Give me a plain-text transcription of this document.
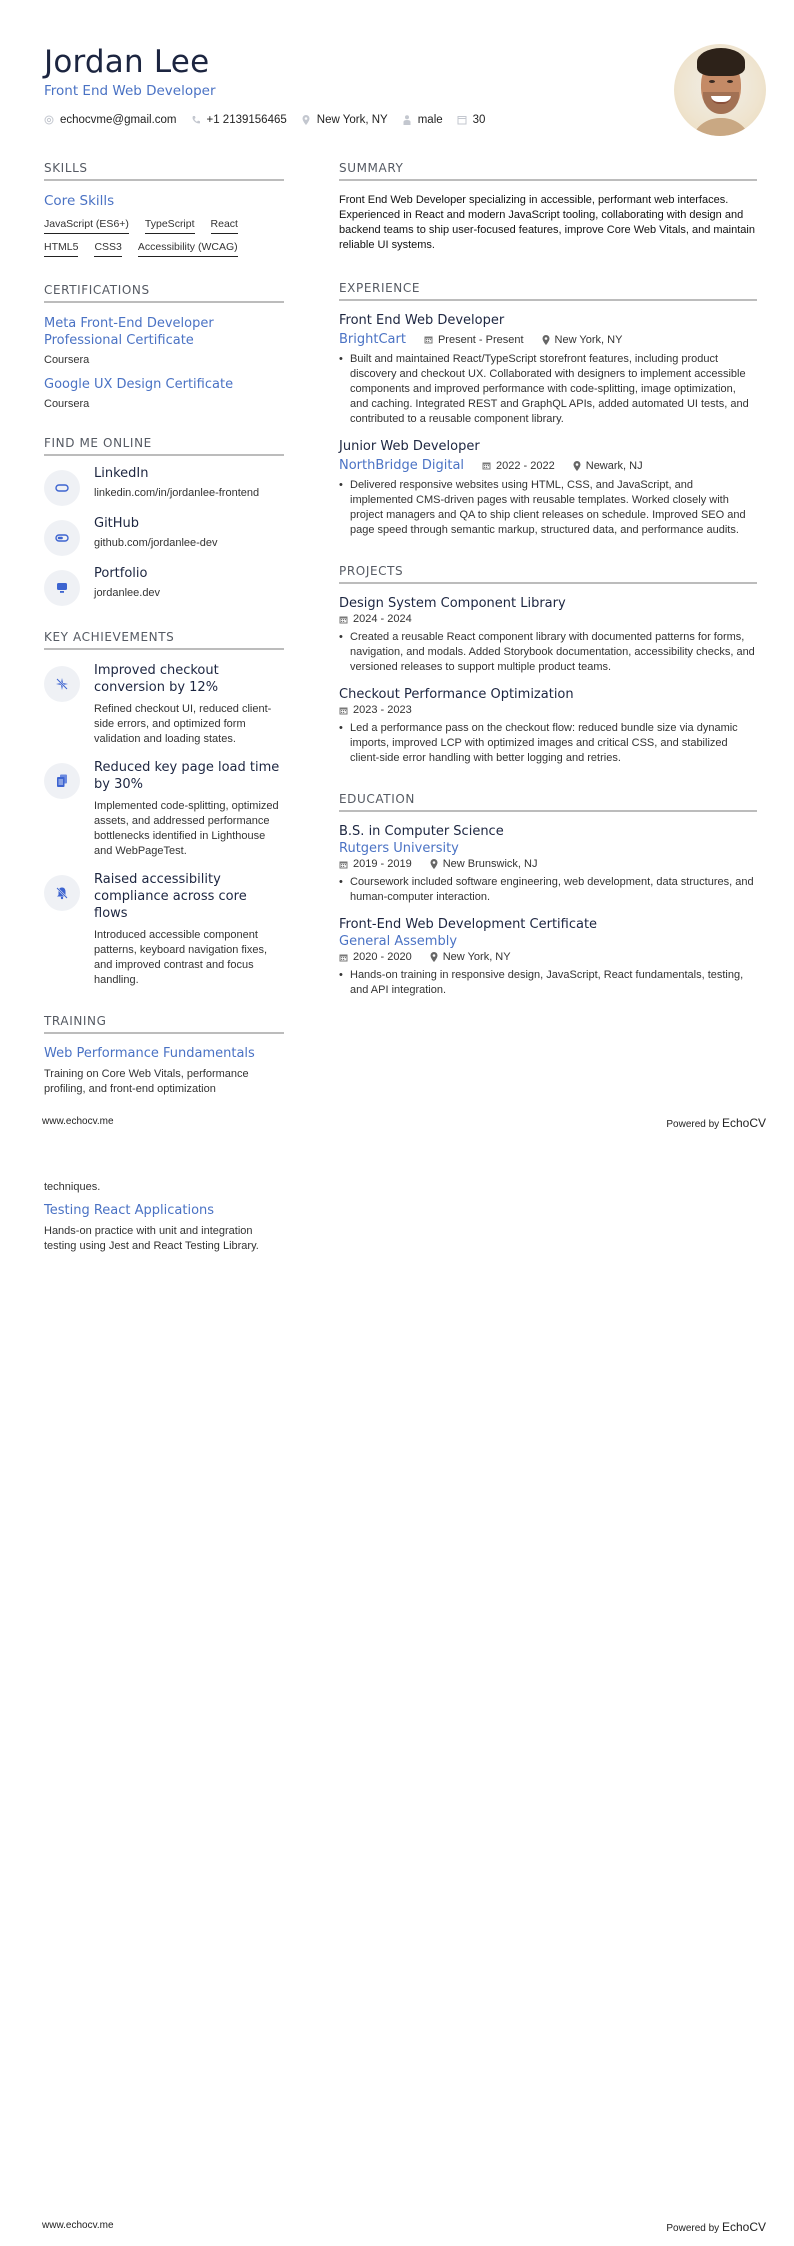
Jordan Lee
Front End Web Developer
echocvme@gmail.com	+1 2139156465	New York, NY	male	30
SKILLS
Core Skills
JavaScript (ES6+) TypeScript React
HTML5 CSS3 Accessibility (WCAG)
CERTIFICATIONS
Meta Front-End Developer Professional Certificate
Coursera
Google UX Design Certificate
Coursera
FIND ME ONLINE
LinkedIn
linkedin.com/in/jordanlee-frontend
GitHub
github.com/jordanlee-dev
Portfolio
jordanlee.dev
KEY ACHIEVEMENTS
Improved checkout conversion by 12%
Refined checkout UI, reduced client-side errors, and optimized form validation and loading states.
Reduced key page load time by 30%
Implemented code-splitting, optimized assets, and addressed performance bottlenecks identified in Lighthouse and WebPageTest.
Raised accessibility compliance across core flows
Introduced accessible component patterns, keyboard navigation fixes, and improved contrast and focus handling.
TRAINING
Web Performance Fundamentals
Training on Core Web Vitals, performance profiling, and front-end optimization
SUMMARY
Front End Web Developer specializing in accessible, performant web interfaces. Experienced in React and modern JavaScript tooling, collaborating with design and backend teams to ship user-focused features, improve Core Web Vitals, and maintain reliable UI systems.
EXPERIENCE
Front End Web Developer
BrightCart	Present - Present	New York, NY
• Built and maintained React/TypeScript storefront features, including product discovery and checkout UX. Collaborated with designers to implement accessible components and improved performance with code-splitting, image optimization, and caching. Integrated REST and GraphQL APIs, added automated UI tests, and contributed to a reusable component library.
Junior Web Developer
NorthBridge Digital	2022 - 2022	Newark, NJ
• Delivered responsive websites using HTML, CSS, and JavaScript, and implemented CMS-driven pages with reusable templates. Worked closely with project managers and QA to ship client releases on schedule. Improved SEO and page speed through semantic markup, structured data, and performance audits.
PROJECTS
Design System Component Library
2024 - 2024
• Created a reusable React component library with documented patterns for forms, navigation, and modals. Added Storybook documentation, accessibility checks, and versioned releases to support multiple product teams.
Checkout Performance Optimization
2023 - 2023
• Led a performance pass on the checkout flow: reduced bundle size via dynamic imports, improved LCP with optimized images and critical CSS, and stabilized client-side error handling with better logging and retries.
EDUCATION
B.S. in Computer Science
Rutgers University
2019 - 2019	New Brunswick, NJ
• Coursework included software engineering, web development, data structures, and human-computer interaction.
Front-End Web Development Certificate
General Assembly
2020 - 2020	New York, NY
• Hands-on training in responsive design, JavaScript, React fundamentals, testing, and API integration.
www.echocv.me	Powered by EchoCV
techniques.
Testing React Applications
Hands-on practice with unit and integration testing using Jest and React Testing Library.
www.echocv.me	Powered by EchoCV
